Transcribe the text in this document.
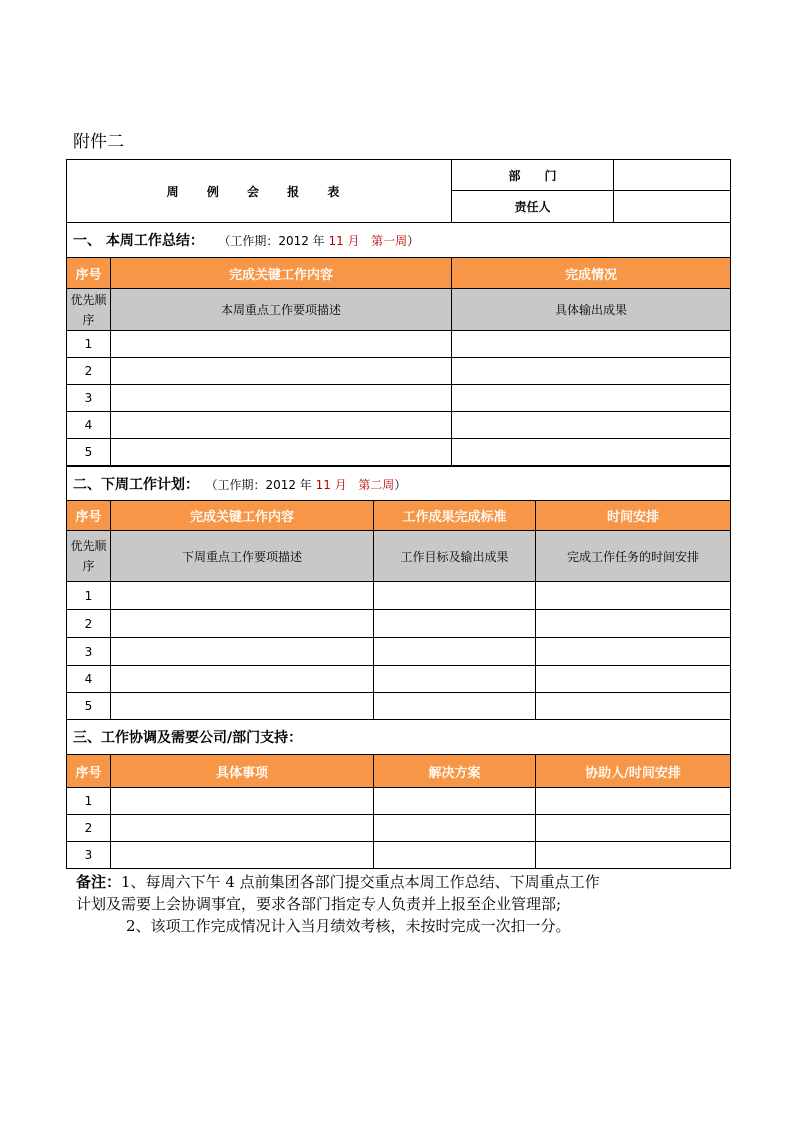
附件二
周 例 会 报 表	部　　门	
	责任人	
一、 本周工作总结： （工作期：2012 年 11 月 第一周）		
序号	完成关键工作内容	完成情况
优先顺序	本周重点工作要项描述	具体输出成果
1		
2		
3		
4		
5		
二、下周工作计划： （工作期：2012 年 11 月 第二周）			
序号	完成关键工作内容	工作成果完成标准	时间安排
优先顺序	下周重点工作要项描述	工作目标及输出成果	完成工作任务的时间安排
1			
2			
3			
4			
5			
三、工作协调及需要公司/部门支持：			
序号	具体事项	解决方案	协助人/时间安排
1			
2			
3			
备注：1、每周六下午 4 点前集团各部门提交重点本周工作总结、下周重点工作
计划及需要上会协调事宜，要求各部门指定专人负责并上报至企业管理部;
2、该项工作完成情况计入当月绩效考核，未按时完成一次扣一分。
